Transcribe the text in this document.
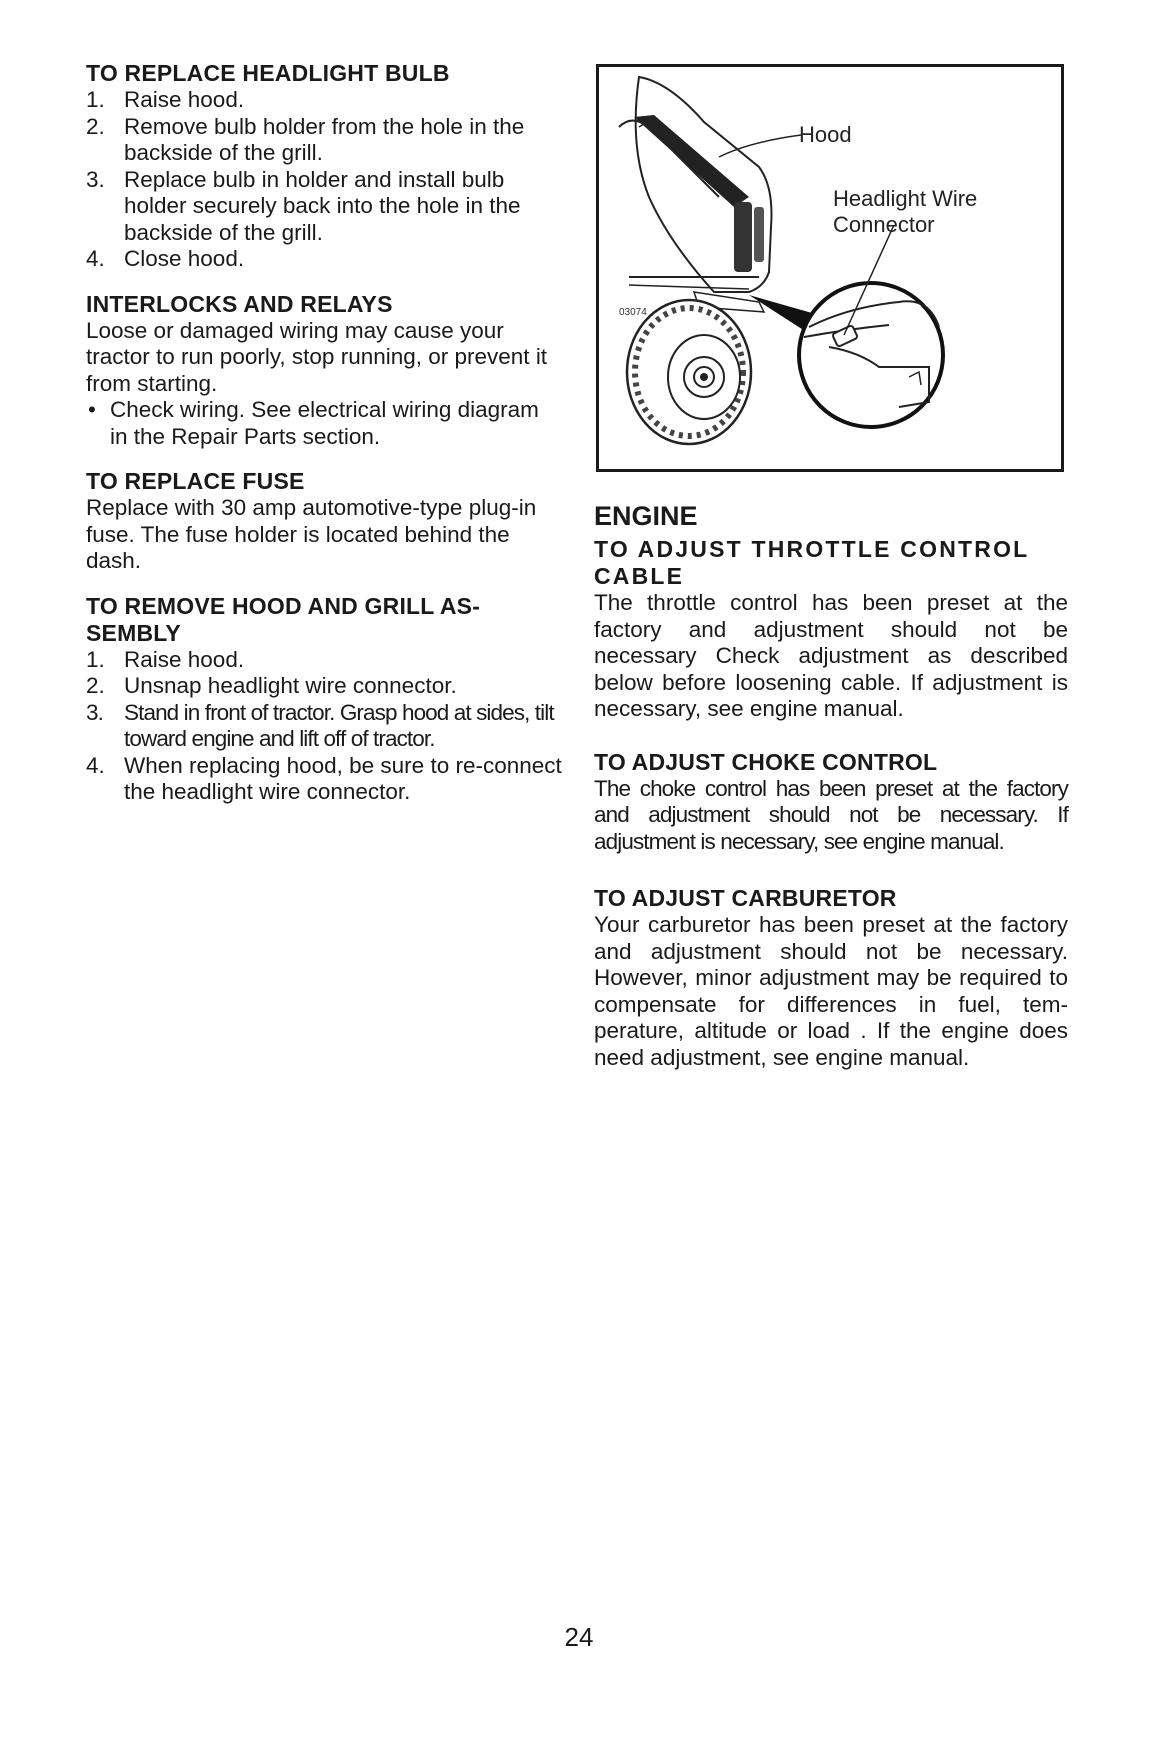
TO REPLACE HEADLIGHT BULB
1. Raise hood.
2. Remove bulb holder from the hole in the backside of the grill.
3. Replace bulb in holder and install bulb holder securely back into the hole in the backside of the grill.
4. Close hood.
INTERLOCKS AND RELAYS

Loose or damaged wiring may cause your tractor to run poorly, stop running, or prevent it from starting.

• Check wiring. See electrical wiring diagram in the Repair Parts section.
TO REPLACE FUSE

Replace with 30 amp automotive-type plug-in fuse. The fuse holder is located behind the dash.

TO REMOVE HOOD AND GRILL AS-SEMBLY
1. Raise hood.
2. Unsnap headlight wire connector.
3. Stand in front of tractor. Grasp hood at sides, tilt toward engine and lift off of tractor.
4. When replacing hood, be sure to re-connect the headlight wire connector.
03074
Hood
Headlight Wire
Connector
ENGINE
TO ADJUST THROTTLE CONTROL CABLE

The throttle control has been preset at the factory and adjustment should not be necessary Check adjustment as described below before loosening cable. If adjustment is necessary, see engine manual.

TO ADJUST CHOKE CONTROL

The choke control has been preset at the factory and adjustment should not be necessary. If adjustment is necessary, see engine manual.

TO ADJUST CARBURETOR

Your carburetor has been preset at the factory and adjustment should not be necessary. However, minor adjustment may be required to compensate for differences in fuel, tem-perature, altitude or load . If the engine does need adjustment, see engine manual.

24
